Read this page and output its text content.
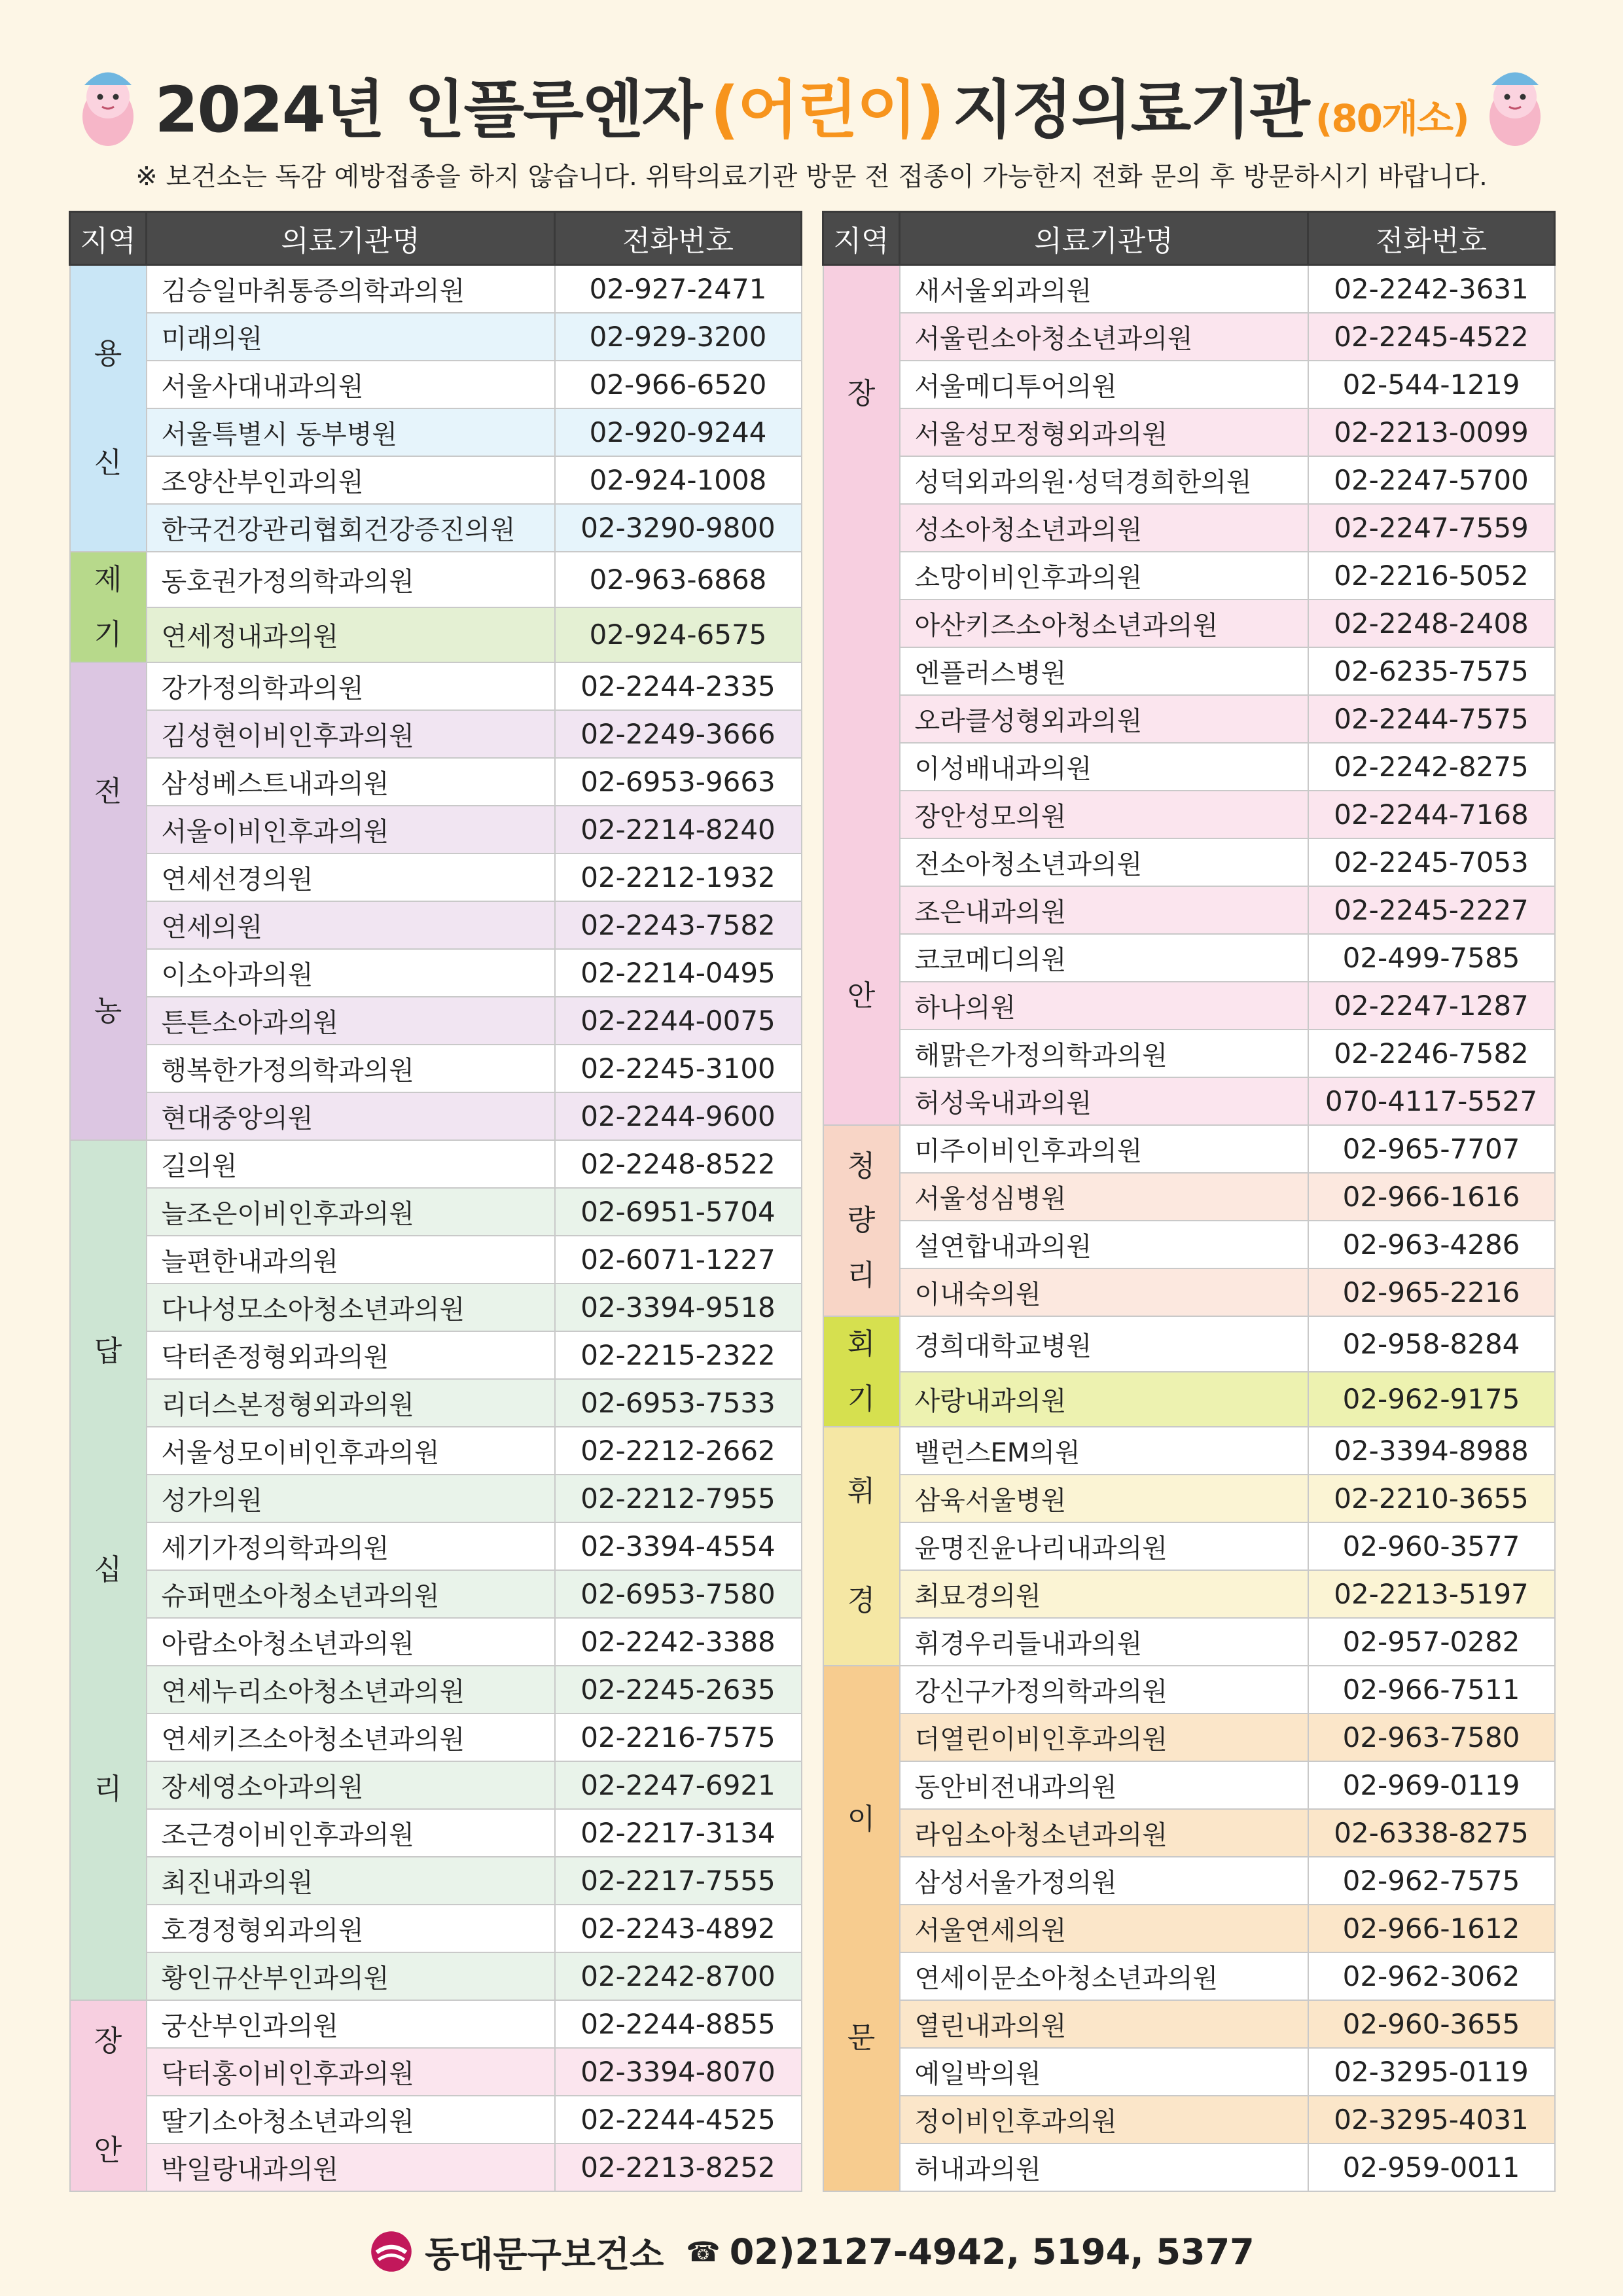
2024년 인플루엔자 (어린이) 지정의료기관 (80개소)
※ 보건소는 독감 예방접종을 하지 않습니다. 위탁의료기관 방문 전 접종이 가능한지 전화 문의 후 방문하시기 바랍니다.
지역	의료기관명	전화번호
용

신	김승일마취통증의학과의원	02-927-2471
	미래의원	02-929-3200
	서울사대내과의원	02-966-6520
	서울특별시 동부병원	02-920-9244
	조양산부인과의원	02-924-1008
	한국건강관리협회건강증진의원	02-3290-9800
제
기	동호권가정의학과의원	02-963-6868
	연세정내과의원	02-924-6575
전

농	강가정의학과의원	02-2244-2335
	김성현이비인후과의원	02-2249-3666
	삼성베스트내과의원	02-6953-9663
	서울이비인후과의원	02-2214-8240
	연세선경의원	02-2212-1932
	연세의원	02-2243-7582
	이소아과의원	02-2214-0495
	튼튼소아과의원	02-2244-0075
	행복한가정의학과의원	02-2245-3100
	현대중앙의원	02-2244-9600
답

십

리	길의원	02-2248-8522
	늘조은이비인후과의원	02-6951-5704
	늘편한내과의원	02-6071-1227
	다나성모소아청소년과의원	02-3394-9518
	닥터존정형외과의원	02-2215-2322
	리더스본정형외과의원	02-6953-7533
	서울성모이비인후과의원	02-2212-2662
	성가의원	02-2212-7955
	세기가정의학과의원	02-3394-4554
	슈퍼맨소아청소년과의원	02-6953-7580
	아람소아청소년과의원	02-2242-3388
	연세누리소아청소년과의원	02-2245-2635
	연세키즈소아청소년과의원	02-2216-7575
	장세영소아과의원	02-2247-6921
	조근경이비인후과의원	02-2217-3134
	최진내과의원	02-2217-7555
	호경정형외과의원	02-2243-4892
	황인규산부인과의원	02-2242-8700
장

안	궁산부인과의원	02-2244-8855
	닥터홍이비인후과의원	02-3394-8070
	딸기소아청소년과의원	02-2244-4525
	박일랑내과의원	02-2213-8252
지역	의료기관명	전화번호
장

안	새서울외과의원	02-2242-3631
	서울린소아청소년과의원	02-2245-4522
	서울메디투어의원	02-544-1219
	서울성모정형외과의원	02-2213-0099
	성덕외과의원·성덕경희한의원	02-2247-5700
	성소아청소년과의원	02-2247-7559
	소망이비인후과의원	02-2216-5052
	아산키즈소아청소년과의원	02-2248-2408
	엔플러스병원	02-6235-7575
	오라클성형외과의원	02-2244-7575
	이성배내과의원	02-2242-8275
	장안성모의원	02-2244-7168
	전소아청소년과의원	02-2245-7053
	조은내과의원	02-2245-2227
	코코메디의원	02-499-7585
	하나의원	02-2247-1287
	해맑은가정의학과의원	02-2246-7582
	허성욱내과의원	070-4117-5527
청
량
리	미주이비인후과의원	02-965-7707
	서울성심병원	02-966-1616
	설연합내과의원	02-963-4286
	이내숙의원	02-965-2216
회
기	경희대학교병원	02-958-8284
	사랑내과의원	02-962-9175
휘

경	밸런스EM의원	02-3394-8988
	삼육서울병원	02-2210-3655
	윤명진윤나리내과의원	02-960-3577
	최묘경의원	02-2213-5197
	휘경우리들내과의원	02-957-0282
이

문	강신구가정의학과의원	02-966-7511
	더열린이비인후과의원	02-963-7580
	동안비전내과의원	02-969-0119
	라임소아청소년과의원	02-6338-8275
	삼성서울가정의원	02-962-7575
	서울연세의원	02-966-1612
	연세이문소아청소년과의원	02-962-3062
	열린내과의원	02-960-3655
	예일박의원	02-3295-0119
	정이비인후과의원	02-3295-4031
	허내과의원	02-959-0011
동대문구보건소 ☎ 02)2127-4942, 5194, 5377
